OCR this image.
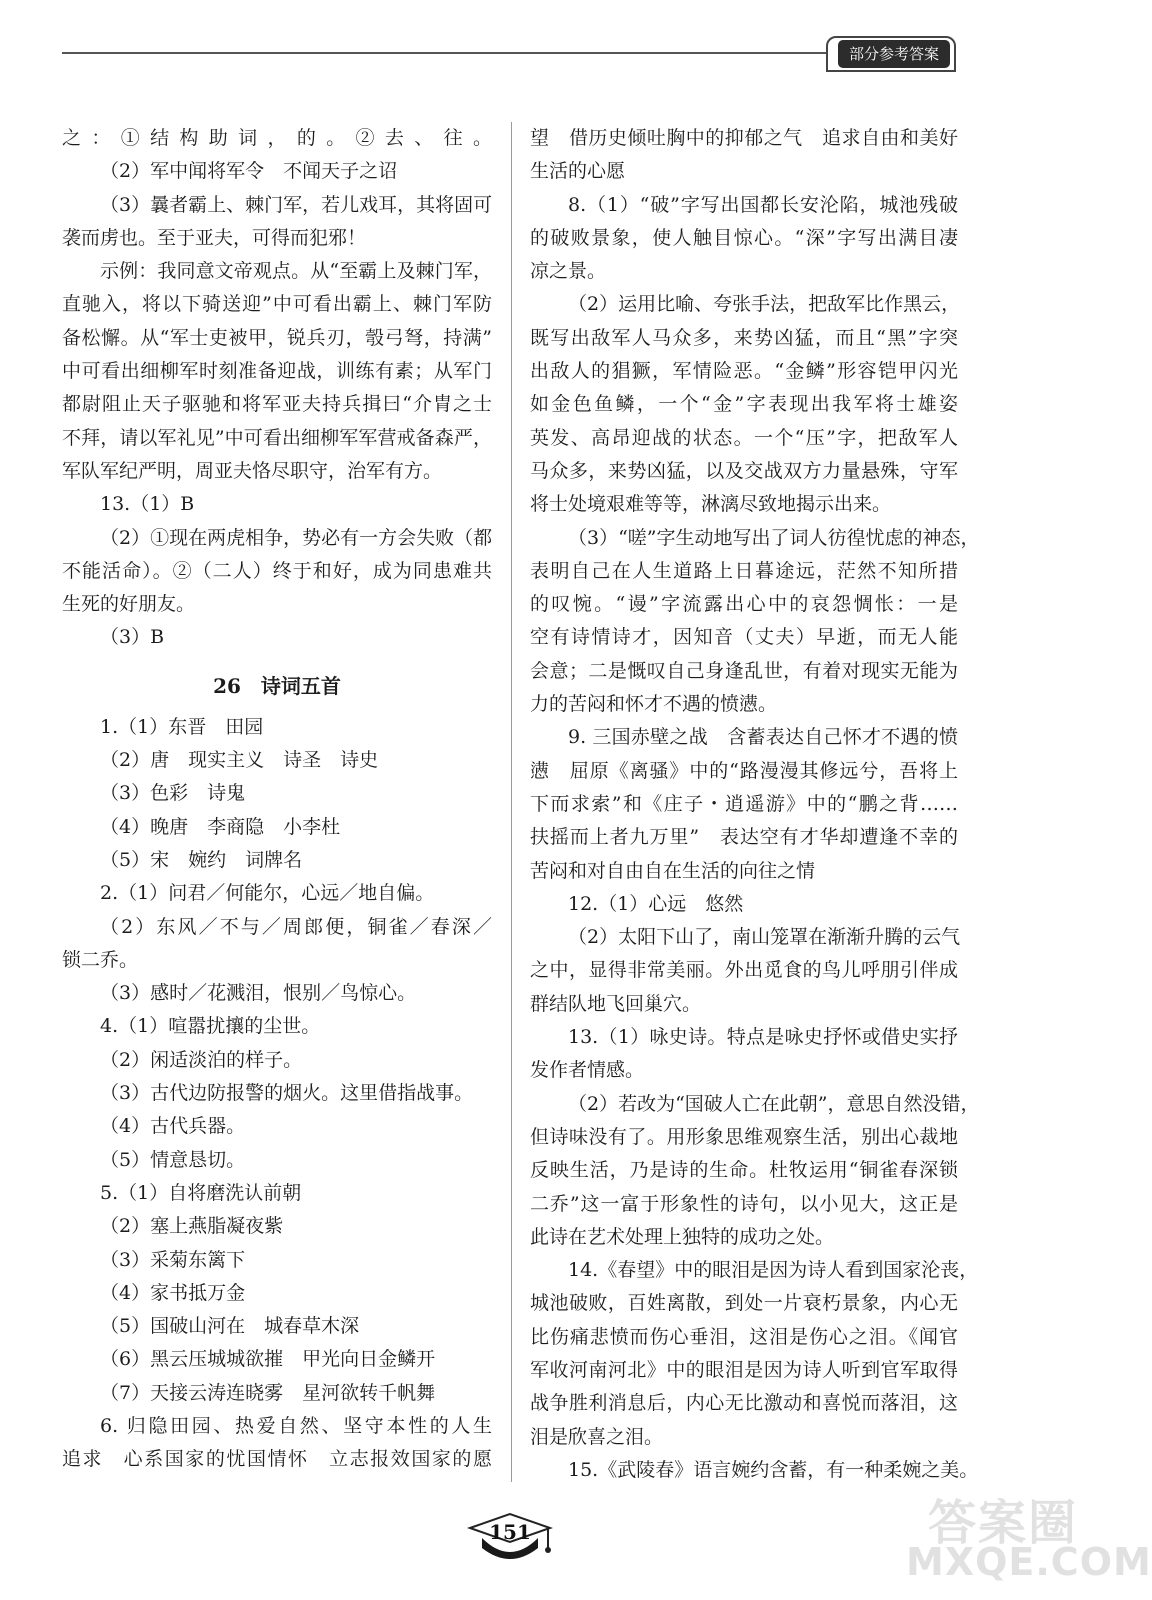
部分参考答案
之：①结构助词，的。②去、往。
（2）军中闻将军令　不闻天子之诏
（3）曩者霸上、棘门军，若儿戏耳，其将固可
袭而虏也。至于亚夫，可得而犯邪！
示例：我同意文帝观点。从“至霸上及棘门军，
直驰入，将以下骑送迎”中可看出霸上、棘门军防
备松懈。从“军士吏被甲，锐兵刃，彀弓弩，持满”
中可看出细柳军时刻准备迎战，训练有素；从军门
都尉阻止天子驱驰和将军亚夫持兵揖曰“介胄之士
不拜，请以军礼见”中可看出细柳军军营戒备森严，
军队军纪严明，周亚夫恪尽职守，治军有方。
13.（1）B
（2）①现在两虎相争，势必有一方会失败（都
不能活命）。②（二人）终于和好，成为同患难共
生死的好朋友。
（3）B
26　诗词五首
1.（1）东晋　田园
（2）唐　现实主义　诗圣　诗史
（3）色彩　诗鬼
（4）晚唐　李商隐　小李杜
（5）宋　婉约　词牌名
2.（1）问君／何能尔，心远／地自偏。
（2）东风／不与／周郎便，铜雀／春深／
锁二乔。
（3）感时／花溅泪，恨别／鸟惊心。
4.（1）喧嚣扰攘的尘世。
（2）闲适淡泊的样子。
（3）古代边防报警的烟火。这里借指战事。
（4）古代兵器。
（5）情意恳切。
5.（1）自将磨洗认前朝
（2）塞上燕脂凝夜紫
（3）采菊东篱下
（4）家书抵万金
（5）国破山河在　城春草木深
（6）黑云压城城欲摧　甲光向日金鳞开
（7）天接云涛连晓雾　星河欲转千帆舞
6. 归隐田园、热爱自然、坚守本性的人生
追求　心系国家的忧国情怀　立志报效国家的愿
望　借历史倾吐胸中的抑郁之气　追求自由和美好
生活的心愿
8.（1）“破”字写出国都长安沦陷，城池残破
的破败景象，使人触目惊心。“深”字写出满目凄
凉之景。
（2）运用比喻、夸张手法，把敌军比作黑云，
既写出敌军人马众多，来势凶猛，而且“黑”字突
出敌人的猖獗，军情险恶。“金鳞”形容铠甲闪光
如金色鱼鳞，一个“金”字表现出我军将士雄姿
英发、高昂迎战的状态。一个“压”字，把敌军人
马众多，来势凶猛，以及交战双方力量悬殊，守军
将士处境艰难等等，淋漓尽致地揭示出来。
（3）“嗟”字生动地写出了词人彷徨忧虑的神态，
表明自己在人生道路上日暮途远，茫然不知所措
的叹惋。“谩”字流露出心中的哀怨惆怅：一是
空有诗情诗才，因知音（丈夫）早逝，而无人能
会意；二是慨叹自己身逢乱世，有着对现实无能为
力的苦闷和怀才不遇的愤懑。
9. 三国赤壁之战　含蓄表达自己怀才不遇的愤
懑　屈原《离骚》中的“路漫漫其修远兮，吾将上
下而求索”和《庄子・逍遥游》中的“鹏之背……
扶摇而上者九万里”　表达空有才华却遭逢不幸的
苦闷和对自由自在生活的向往之情
12.（1）心远　悠然
（2）太阳下山了，南山笼罩在渐渐升腾的云气
之中，显得非常美丽。外出觅食的鸟儿呼朋引伴成
群结队地飞回巢穴。
13.（1）咏史诗。特点是咏史抒怀或借史实抒
发作者情感。
（2）若改为“国破人亡在此朝”，意思自然没错，
但诗味没有了。用形象思维观察生活，别出心裁地
反映生活，乃是诗的生命。杜牧运用“铜雀春深锁
二乔”这一富于形象性的诗句，以小见大，这正是
此诗在艺术处理上独特的成功之处。
14.《春望》中的眼泪是因为诗人看到国家沦丧，
城池破败，百姓离散，到处一片衰朽景象，内心无
比伤痛悲愤而伤心垂泪，这泪是伤心之泪。《闻官
军收河南河北》中的眼泪是因为诗人听到官军取得
战争胜利消息后，内心无比激动和喜悦而落泪，这
泪是欣喜之泪。
15.《武陵春》语言婉约含蓄，有一种柔婉之美。
151	答案圈
MXQE.COM
